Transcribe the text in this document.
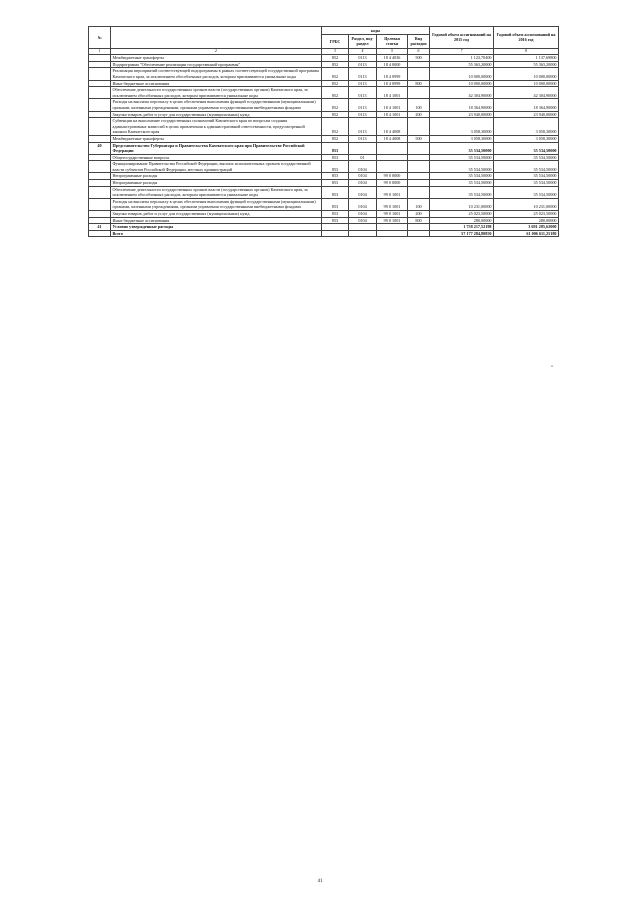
№		коды				Годовой объем ассигнований на 2015 год	Годовой объем ассигнований на 2016 год
		ГРБС	Раздел, под-раздел	Целевая статья	Вид расходов		
1	2	3	4	5	6	7	8
	Межбюджетные трансферты	852	0113	18 4 4036	500	1 123,70400	1 137,69800
	Подпрограмма "Обеспечение реализации государственной программы"	852	0113	18 4 0000		55 363,20000	55 363,20000
	Реализация мероприятий соответствующей подпрограммы в рамках соответствующей государственной программы Камчатского края, за исключением обособленных расходов, которым присваиваются уникальные коды	852	0113	18 4 0999		10 000,00000	10 000,00000
	Иные бюджетные ассигнования	852	0113	18 4 0999	800	10 000,00000	10 000,00000
	Обеспечение деятельности государственных органов власти (государственных органов) Камчатского края, за исключением обособленных расходов, которым присваиваются уникальные коды	852	0113	18 4 1001		42 304,90000	42 304,90000
	Расходы на выплаты персоналу в целях обеспечения выполнения функций государственными (муниципальными) органами, казенными учреждениями, органами управления государственными внебюджетными фондами	852	0113	18 4 1001	100	18 364,90000	18 364,90000
	Закупка товаров, работ и услуг для государственных (муниципальных) нужд	852	0113	18 4 1001	200	23 940,00000	23 940,00000
	Субвенции на выполнение государственных полномочий Камчатского края по вопросам создания административных комиссий в целях привлечения к административной ответственности, предусмотренной законом Камчатского края	852	0113	18 4 4008		3 058,30000	3 058,30000
	Межбюджетные трансферты	852	0113	18 4 4008	500	3 058,30000	3 058,30000
40	Представительство Губернатора и Правительства Камчатского края при Правительстве Российской Федерации	853				35 534,50000	35 534,50000
	Общегосударственные вопросы	853	01			35 534,50000	35 534,50000
	Функционирование Правительства Российской Федерации, высших исполнительных органов государственной власти субъектов Российской Федерации, местных администраций	853	0104			35 534,50000	35 534,50000
	Непрограммные расходы	853	0104	99 0 0000		35 534,50000	35 534,50000
	Непрограммные расходы	853	0104	99 0 0000		35 534,50000	35 534,50000
	Обеспечение деятельности государственных органов власти (государственных органов) Камчатского края, за исключением обособленных расходов, которым присваиваются уникальные коды	853	0104	99 0 1001		35 534,50000	35 534,50000
	Расходы на выплаты персоналу в целях обеспечения выполнения функций государственными (муниципальными) органами, казенными учреждениями, органами управления государственными внебюджетными фондами	853	0104	99 0 1001	100	10 231,00000	10 231,00000
	Закупка товаров, работ и услуг для государственных (муниципальных) нужд	853	0104	99 0 1001	200	25 023,50000	25 023,50000
	Иные бюджетные ассигнования	853	0104	99 0 1001	800	280,00000	280,00000
41	Условно утвержденные расходы					1 758 217,52198	3 691 285,62000
	Всего					57 177 284,80850	61 006 611,25180
»
41
